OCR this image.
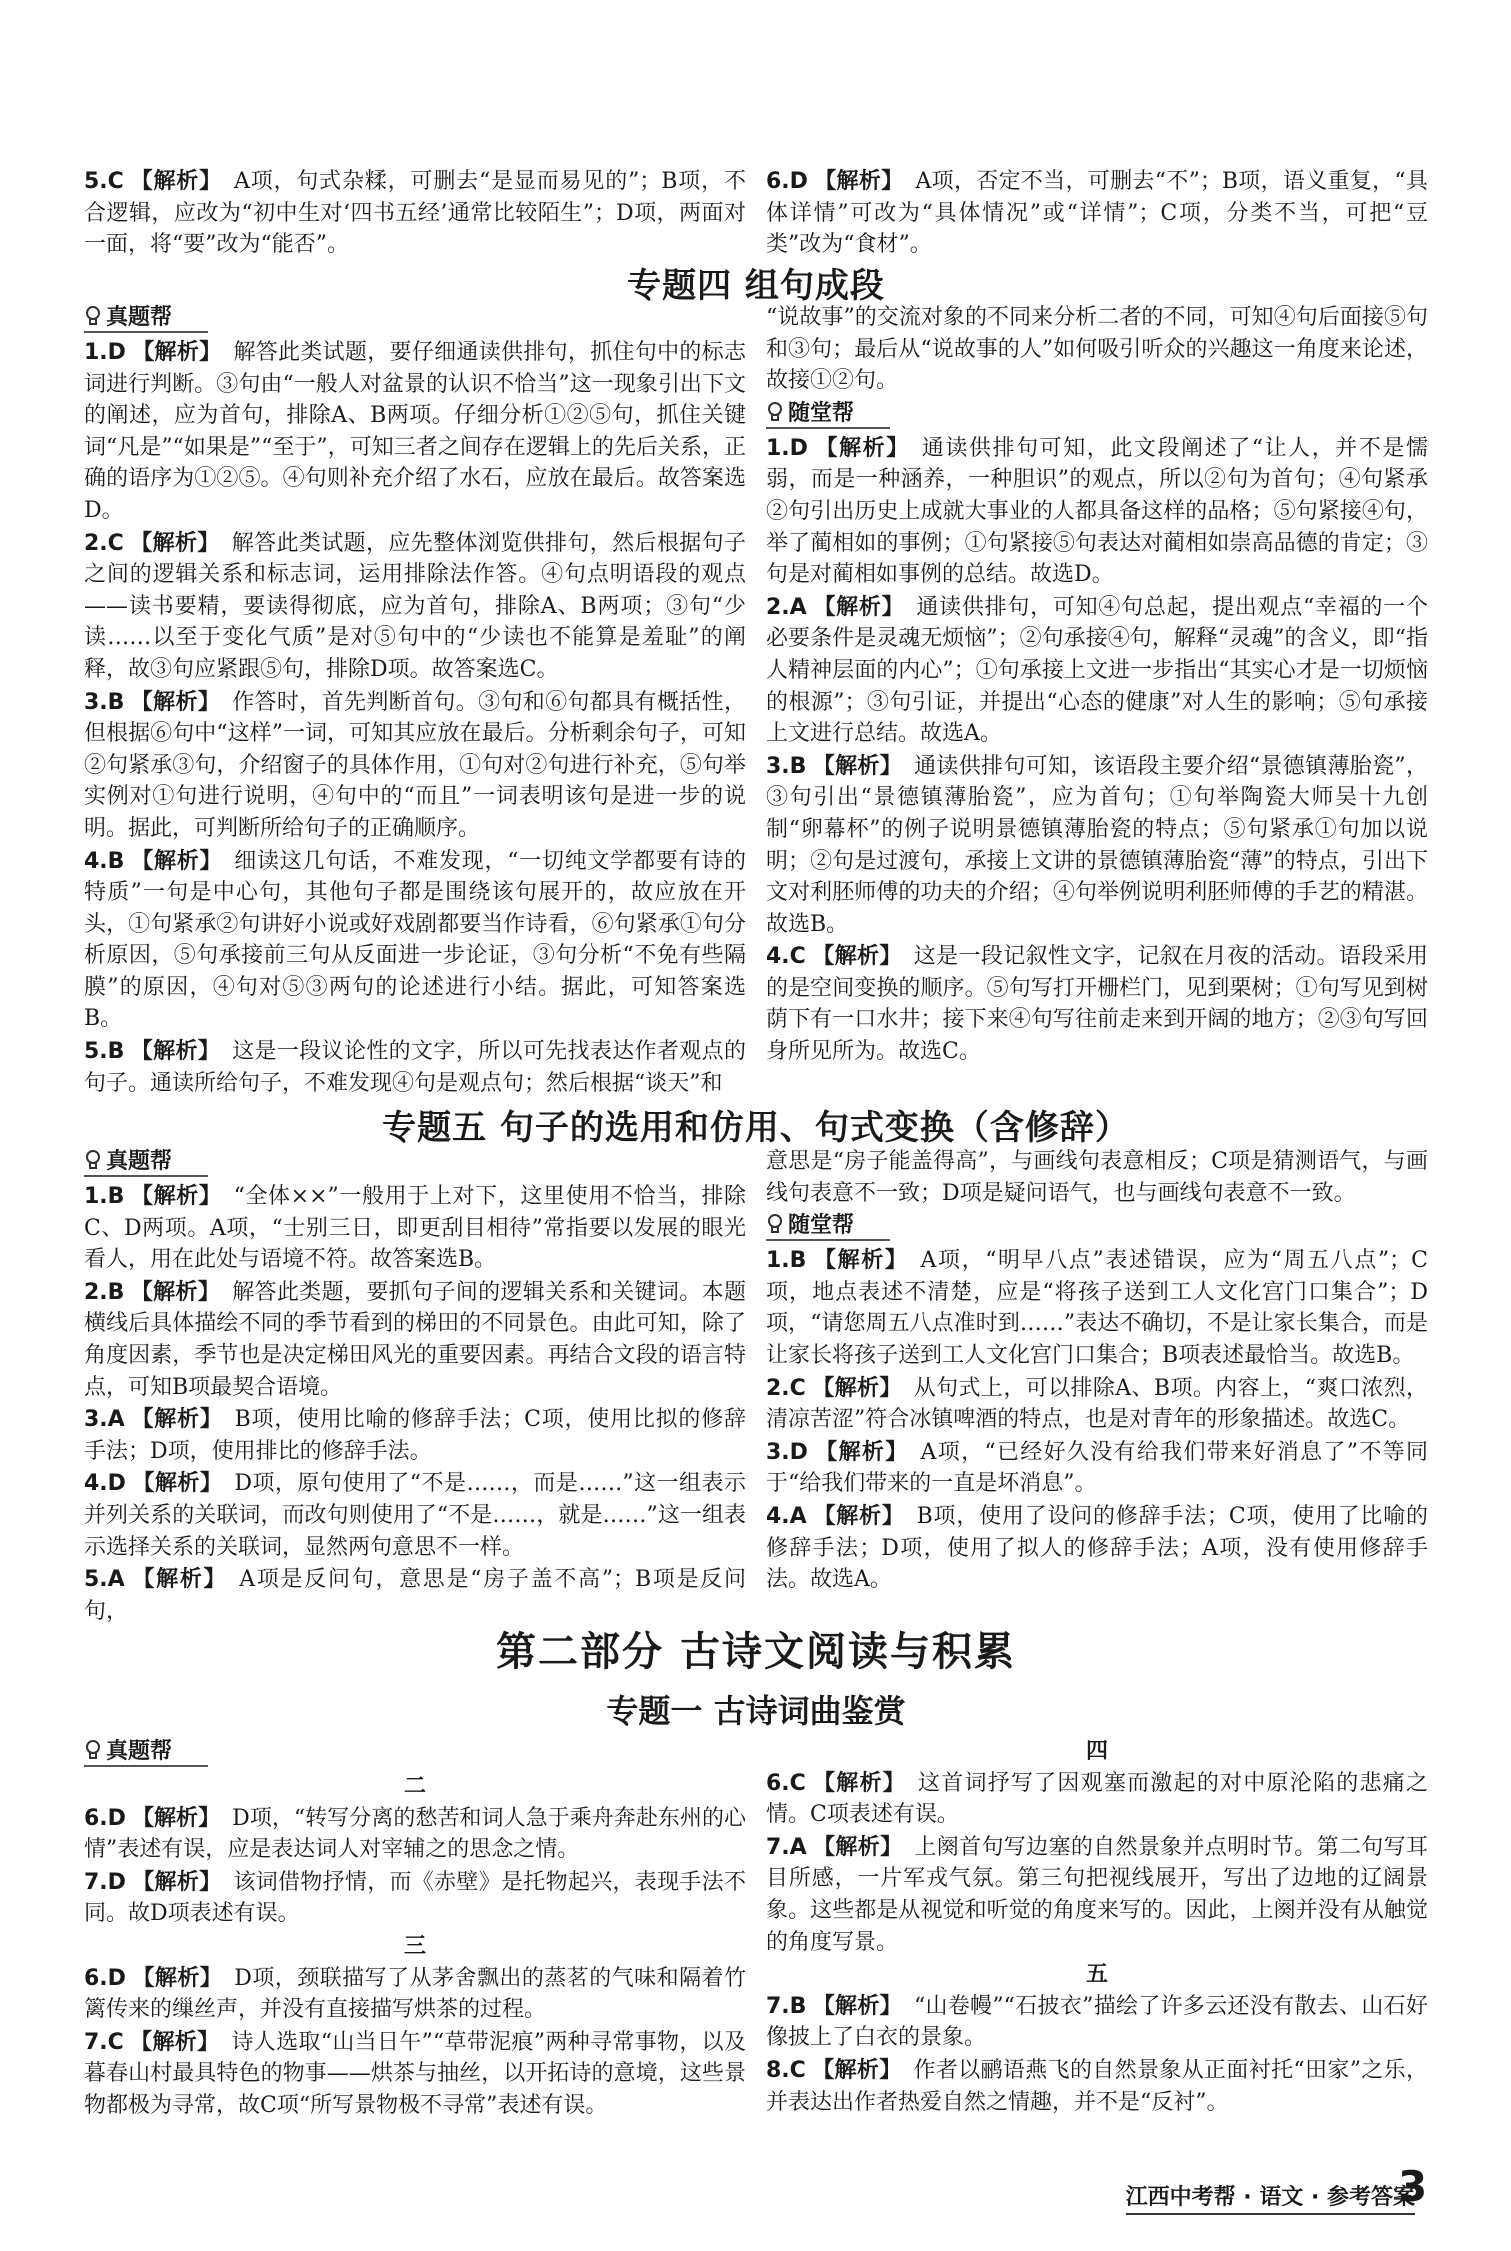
5.C 【解析】 A项，句式杂糅，可删去“是显而易见的”；B项，不合逻辑，应改为“初中生对‘四书五经’通常比较陌生”；D项，两面对一面，将“要”改为“能否”。

6.D 【解析】 A项，否定不当，可删去“不”；B项，语义重复，“具体详情”可改为“具体情况”或“详情”；C项，分类不当，可把“豆类”改为“食材”。

专题四 组句成段
真题帮

1.D 【解析】 解答此类试题，要仔细通读供排句，抓住句中的标志词进行判断。③句由“一般人对盆景的认识不恰当”这一现象引出下文的阐述，应为首句，排除A、B两项。仔细分析①②⑤句，抓住关键词“凡是”“如果是”“至于”，可知三者之间存在逻辑上的先后关系，正确的语序为①②⑤。④句则补充介绍了水石，应放在最后。故答案选D。

2.C 【解析】 解答此类试题，应先整体浏览供排句，然后根据句子之间的逻辑关系和标志词，运用排除法作答。④句点明语段的观点——读书要精，要读得彻底，应为首句，排除A、B两项；③句“少读……以至于变化气质”是对⑤句中的“少读也不能算是羞耻”的阐释，故③句应紧跟⑤句，排除D项。故答案选C。

3.B 【解析】 作答时，首先判断首句。③句和⑥句都具有概括性，但根据⑥句中“这样”一词，可知其应放在最后。分析剩余句子，可知②句紧承③句，介绍窗子的具体作用，①句对②句进行补充，⑤句举实例对①句进行说明，④句中的“而且”一词表明该句是进一步的说明。据此，可判断所给句子的正确顺序。

4.B 【解析】 细读这几句话，不难发现，“一切纯文学都要有诗的特质”一句是中心句，其他句子都是围绕该句展开的，故应放在开头，①句紧承②句讲好小说或好戏剧都要当作诗看，⑥句紧承①句分析原因，⑤句承接前三句从反面进一步论证，③句分析“不免有些隔膜”的原因，④句对⑤③两句的论述进行小结。据此，可知答案选B。

5.B 【解析】 这是一段议论性的文字，所以可先找表达作者观点的句子。通读所给句子，不难发现④句是观点句；然后根据“谈天”和

“说故事”的交流对象的不同来分析二者的不同，可知④句后面接⑤句和③句；最后从“说故事的人”如何吸引听众的兴趣这一角度来论述，故接①②句。

随堂帮

1.D 【解析】 通读供排句可知，此文段阐述了“让人，并不是懦弱，而是一种涵养，一种胆识”的观点，所以②句为首句；④句紧承②句引出历史上成就大事业的人都具备这样的品格；⑤句紧接④句，举了蔺相如的事例；①句紧接⑤句表达对蔺相如崇高品德的肯定；③句是对蔺相如事例的总结。故选D。

2.A 【解析】 通读供排句，可知④句总起，提出观点“幸福的一个必要条件是灵魂无烦恼”；②句承接④句，解释“灵魂”的含义，即“指人精神层面的内心”；①句承接上文进一步指出“其实心才是一切烦恼的根源”；③句引证，并提出“心态的健康”对人生的影响；⑤句承接上文进行总结。故选A。

3.B 【解析】 通读供排句可知，该语段主要介绍“景德镇薄胎瓷”，③句引出“景德镇薄胎瓷”，应为首句；①句举陶瓷大师吴十九创制“卵幕杯”的例子说明景德镇薄胎瓷的特点；⑤句紧承①句加以说明；②句是过渡句，承接上文讲的景德镇薄胎瓷“薄”的特点，引出下文对利胚师傅的功夫的介绍；④句举例说明利胚师傅的手艺的精湛。故选B。

4.C 【解析】 这是一段记叙性文字，记叙在月夜的活动。语段采用的是空间变换的顺序。⑤句写打开栅栏门，见到栗树；①句写见到树荫下有一口水井；接下来④句写往前走来到开阔的地方；②③句写回身所见所为。故选C。

专题五 句子的选用和仿用、句式变换（含修辞）
真题帮

1.B 【解析】 “全体××”一般用于上对下，这里使用不恰当，排除C、D两项。A项，“士别三日，即更刮目相待”常指要以发展的眼光看人，用在此处与语境不符。故答案选B。

2.B 【解析】 解答此类题，要抓句子间的逻辑关系和关键词。本题横线后具体描绘不同的季节看到的梯田的不同景色。由此可知，除了角度因素，季节也是决定梯田风光的重要因素。再结合文段的语言特点，可知B项最契合语境。

3.A 【解析】 B项，使用比喻的修辞手法；C项，使用比拟的修辞手法；D项，使用排比的修辞手法。

4.D 【解析】 D项，原句使用了“不是……，而是……”这一组表示并列关系的关联词，而改句则使用了“不是……，就是……”这一组表示选择关系的关联词，显然两句意思不一样。

5.A 【解析】 A项是反问句，意思是“房子盖不高”；B项是反问句，

意思是“房子能盖得高”，与画线句表意相反；C项是猜测语气，与画线句表意不一致；D项是疑问语气，也与画线句表意不一致。

随堂帮

1.B 【解析】 A项，“明早八点”表述错误，应为“周五八点”；C项，地点表述不清楚，应是“将孩子送到工人文化宫门口集合”；D项，“请您周五八点准时到……”表达不确切，不是让家长集合，而是让家长将孩子送到工人文化宫门口集合；B项表述最恰当。故选B。

2.C 【解析】 从句式上，可以排除A、B项。内容上，“爽口浓烈，清凉苦涩”符合冰镇啤酒的特点，也是对青年的形象描述。故选C。

3.D 【解析】 A项，“已经好久没有给我们带来好消息了”不等同于“给我们带来的一直是坏消息”。

4.A 【解析】 B项，使用了设问的修辞手法；C项，使用了比喻的修辞手法；D项，使用了拟人的修辞手法；A项，没有使用修辞手法。故选A。

第二部分 古诗文阅读与积累
专题一 古诗词曲鉴赏
真题帮
二

6.D 【解析】 D项，“转写分离的愁苦和词人急于乘舟奔赴东州的心情”表述有误，应是表达词人对宰辅之的思念之情。

7.D 【解析】 该词借物抒情，而《赤壁》是托物起兴，表现手法不同。故D项表述有误。

三

6.D 【解析】 D项，颈联描写了从茅舍飘出的蒸茗的气味和隔着竹篱传来的缫丝声，并没有直接描写烘茶的过程。

7.C 【解析】 诗人选取“山当日午”“草带泥痕”两种寻常事物，以及暮春山村最具特色的物事——烘茶与抽丝，以开拓诗的意境，这些景物都极为寻常，故C项“所写景物极不寻常”表述有误。

四

6.C 【解析】 这首词抒写了因观塞而激起的对中原沦陷的悲痛之情。C项表述有误。

7.A 【解析】 上阕首句写边塞的自然景象并点明时节。第二句写耳目所感，一片军戎气氛。第三句把视线展开，写出了边地的辽阔景象。这些都是从视觉和听觉的角度来写的。因此，上阕并没有从触觉的角度写景。

五

7.B 【解析】 “山卷幔”“石披衣”描绘了许多云还没有散去、山石好像披上了白衣的景象。

8.C 【解析】 作者以鹂语燕飞的自然景象从正面衬托“田家”之乐，并表达出作者热爱自然之情趣，并不是“反衬”。

江西中考帮 · 语文 · 参考答案
3
